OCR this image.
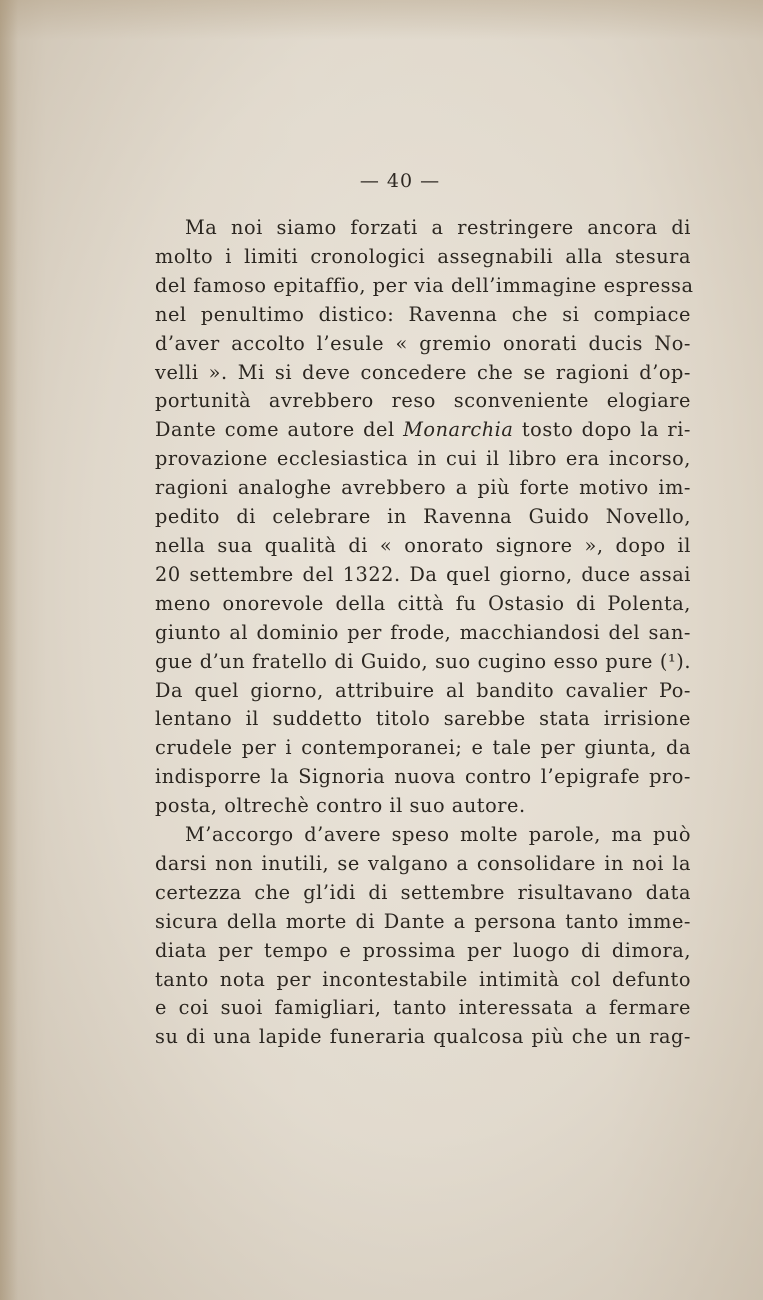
— 40 —
Ma noi siamo forzati a restringere ancora di
molto i limiti cronologici assegnabili alla stesura
del famoso epitaffio, per via dell’immagine espressa
nel penultimo distico: Ravenna che si compiace
d’aver accolto l’esule « gremio onorati ducis No-
velli ». Mi si deve concedere che se ragioni d’op-
portunità avrebbero reso sconveniente elogiare
Dante come autore del Monarchia tosto dopo la ri-
provazione ecclesiastica in cui il libro era incorso,
ragioni analoghe avrebbero a più forte motivo im-
pedito di celebrare in Ravenna Guido Novello,
nella sua qualità di « onorato signore », dopo il
20 settembre del 1322. Da quel giorno, duce assai
meno onorevole della città fu Ostasio di Polenta,
giunto al dominio per frode, macchiandosi del san-
gue d’un fratello di Guido, suo cugino esso pure (¹).
Da quel giorno, attribuire al bandito cavalier Po-
lentano il suddetto titolo sarebbe stata irrisione
crudele per i contemporanei; e tale per giunta, da
indisporre la Signoria nuova contro l’epigrafe pro-
posta, oltrechè contro il suo autore.
M’accorgo d’avere speso molte parole, ma può
darsi non inutili, se valgano a consolidare in noi la
certezza che gl’idi di settembre risultavano data
sicura della morte di Dante a persona tanto imme-
diata per tempo e prossima per luogo di dimora,
tanto nota per incontestabile intimità col defunto
e coi suoi famigliari, tanto interessata a fermare
su di una lapide funeraria qualcosa più che un rag-
